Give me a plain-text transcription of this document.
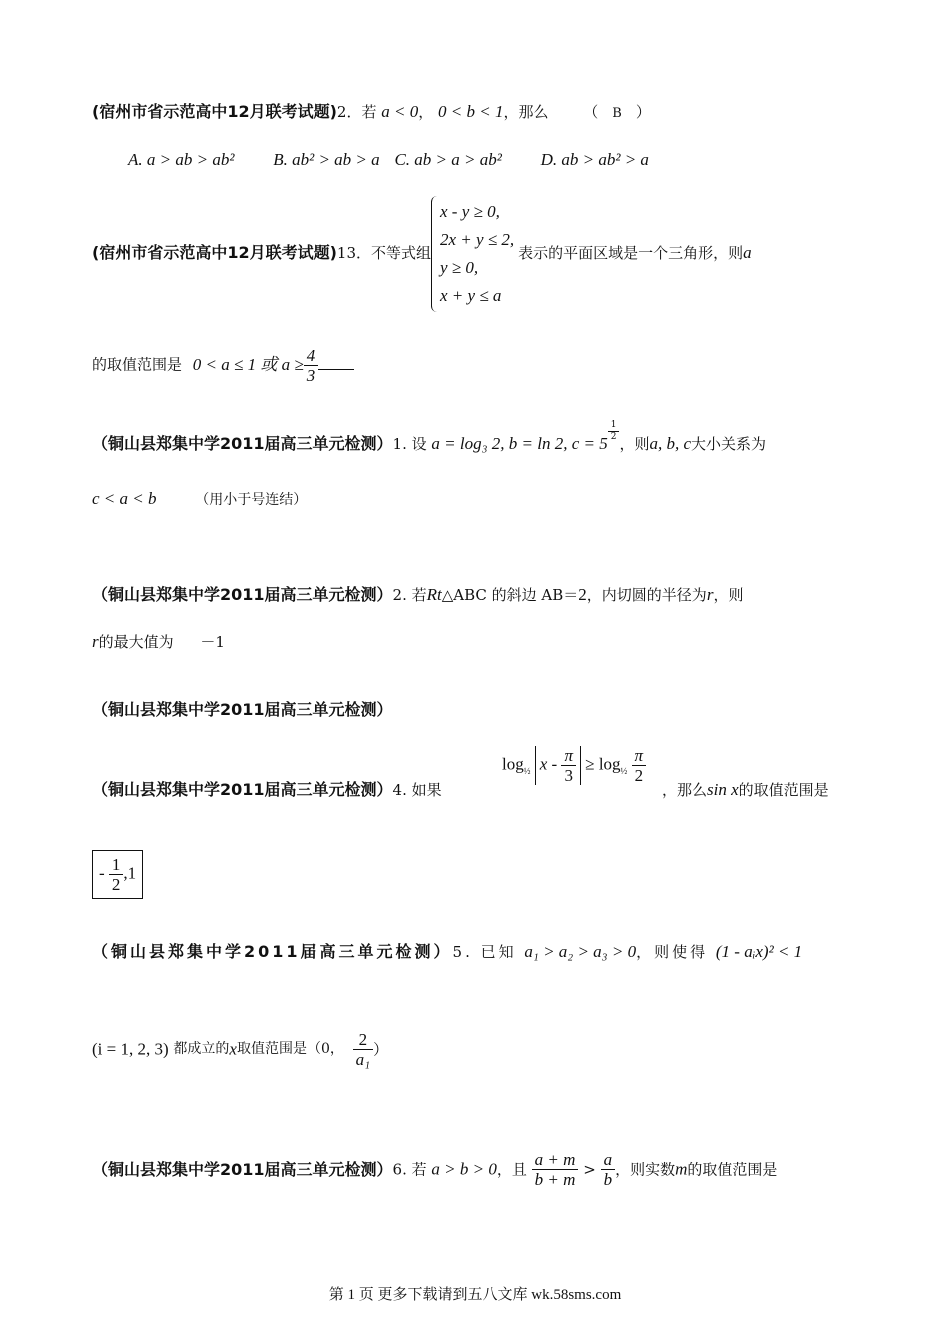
(宿州市省示范高中12月联考试题)2．若 a < 0， 0 < b < 1，那么 （ B ）
A. a > ab > ab² B. ab² > ab > a C. ab > a > ab² D. ab > ab² > a
(宿州市省示范高中12月联考试题)13．不等式组
x - y ≥ 0,
2x + y ≤ 2,
y ≥ 0,
x + y ≤ a
表示的平面区域是一个三角形，则a
的取值范围是 0 < a ≤ 1 或 $a \ge \frac{4}{3}$
（铜山县郑集中学2011届高三单元检测）1. 设 a = log₃ 2, b = ln 2, c = 5
$^{\frac{1}{2}}$
，则a, b, c大小关系为
c < a < b	（用小于号连结）
（铜山县郑集中学2011届高三单元检测）2. 若Rt△ABC 的斜边 AB＝2，内切圆的半径为r，则
r的最大值为 －1
（铜山县郑集中学2011届高三单元检测）
$\log_{\frac{1}{2}} x - \frac{\pi}{3} \ge \log_{\frac{1}{2}} \frac{\pi}{2}$
（铜山县郑集中学2011届高三单元检测）4. 如果	，那么sin x的取值范围是
- $\frac{1}{2} ,1$
（铜山县郑集中学2011届高三单元检测）5. 已知 a₁ > a₂ > a₃ > 0，则使得 (1 - aᵢx)² < 1
(i = 1, 2, 3) 都成立的x取值范围是（0， $\frac{2}{\text{a₁}}$ ）
（铜山县郑集中学2011届高三单元检测）6. 若 a > b > 0，且 $\frac{a + m}{b + m} > \frac{a}{b}$ ，则实数m的取值范围是
第 1 页 更多下载请到五八文库 wk.58sms.com
